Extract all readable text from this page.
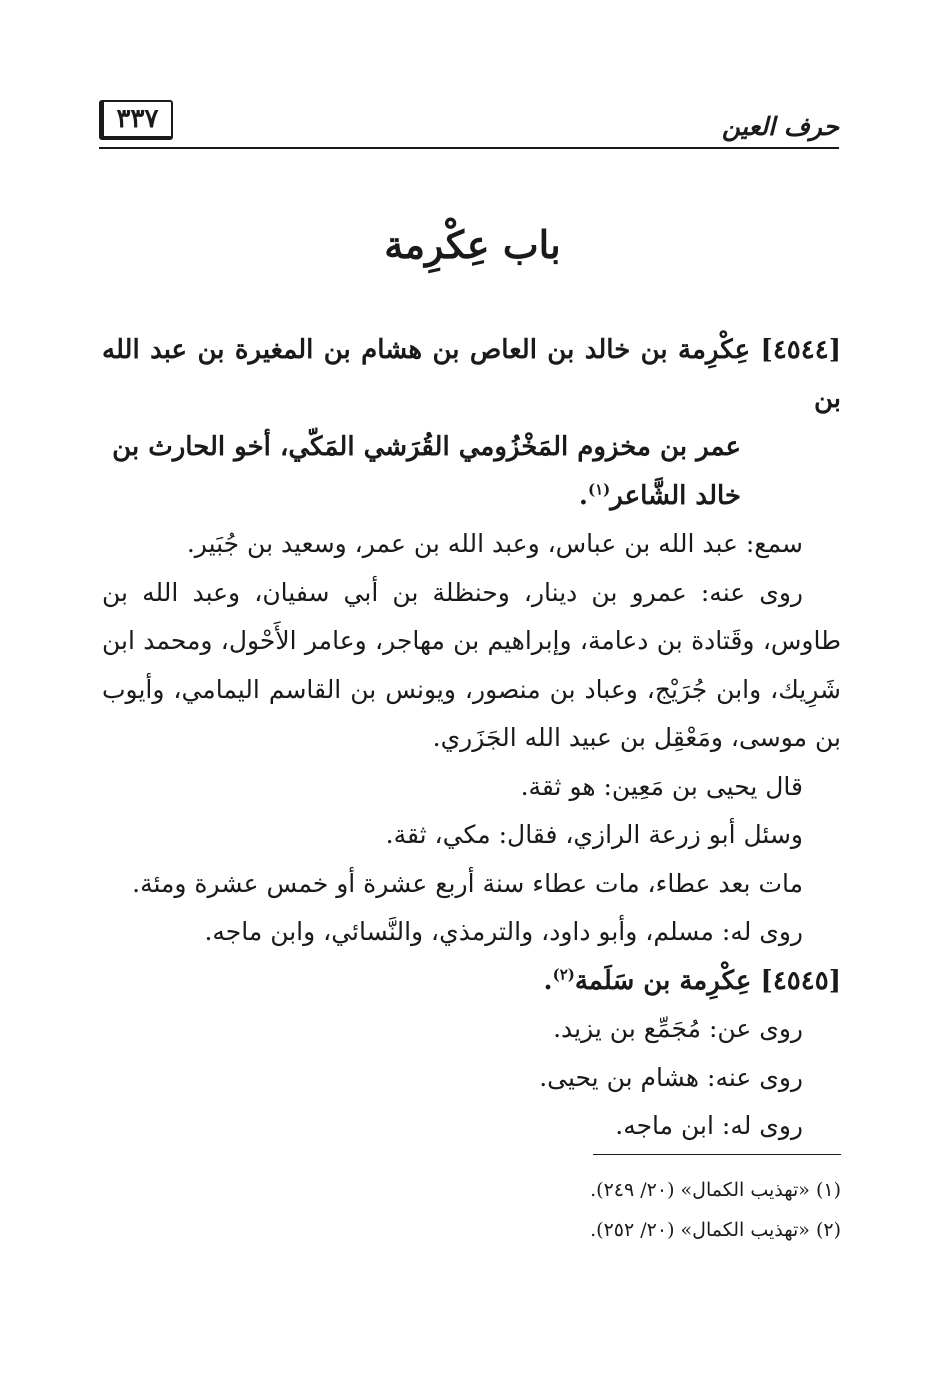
حرف العين
٣٣٧
باب عِكْرِمة
[٤٥٤٤] عِكْرِمة بن خالد بن العاص بن هشام بن المغيرة بن عبد الله بن
عمر بن مخزوم المَخْزُومي القُرَشي المَكّي، أخو الحارث بن
خالد الشَّاعر$^{(١)}$.

سمع: عبد الله بن عباس، وعبد الله بن عمر، وسعيد بن جُبَير.

روى عنه: عمرو بن دينار، وحنظلة بن أبي سفيان، وعبد الله بن طاوس، وقَتادة بن دعامة، وإبراهيم بن مهاجر، وعامر الأَحْول، ومحمد ابن شَرِيك، وابن جُرَيْج، وعباد بن منصور، ويونس بن القاسم اليمامي، وأيوب بن موسى، ومَعْقِل بن عبيد الله الجَزَري.

قال يحيى بن مَعِين: هو ثقة.

وسئل أبو زرعة الرازي، فقال: مكي، ثقة.

مات بعد عطاء، مات عطاء سنة أربع عشرة أو خمس عشرة ومئة.

روى له: مسلم، وأبو داود، والترمذي، والنَّسائي، وابن ماجه.

[٤٥٤٥] عِكْرِمة بن سَلَمة$^{(٢)}$.

روى عن: مُجَمِّع بن يزيد.

روى عنه: هشام بن يحيى.

روى له: ابن ماجه.

(١) «تهذيب الكمال» (٢٠/ ٢٤٩).

(٢) «تهذيب الكمال» (٢٠/ ٢٥٢).
